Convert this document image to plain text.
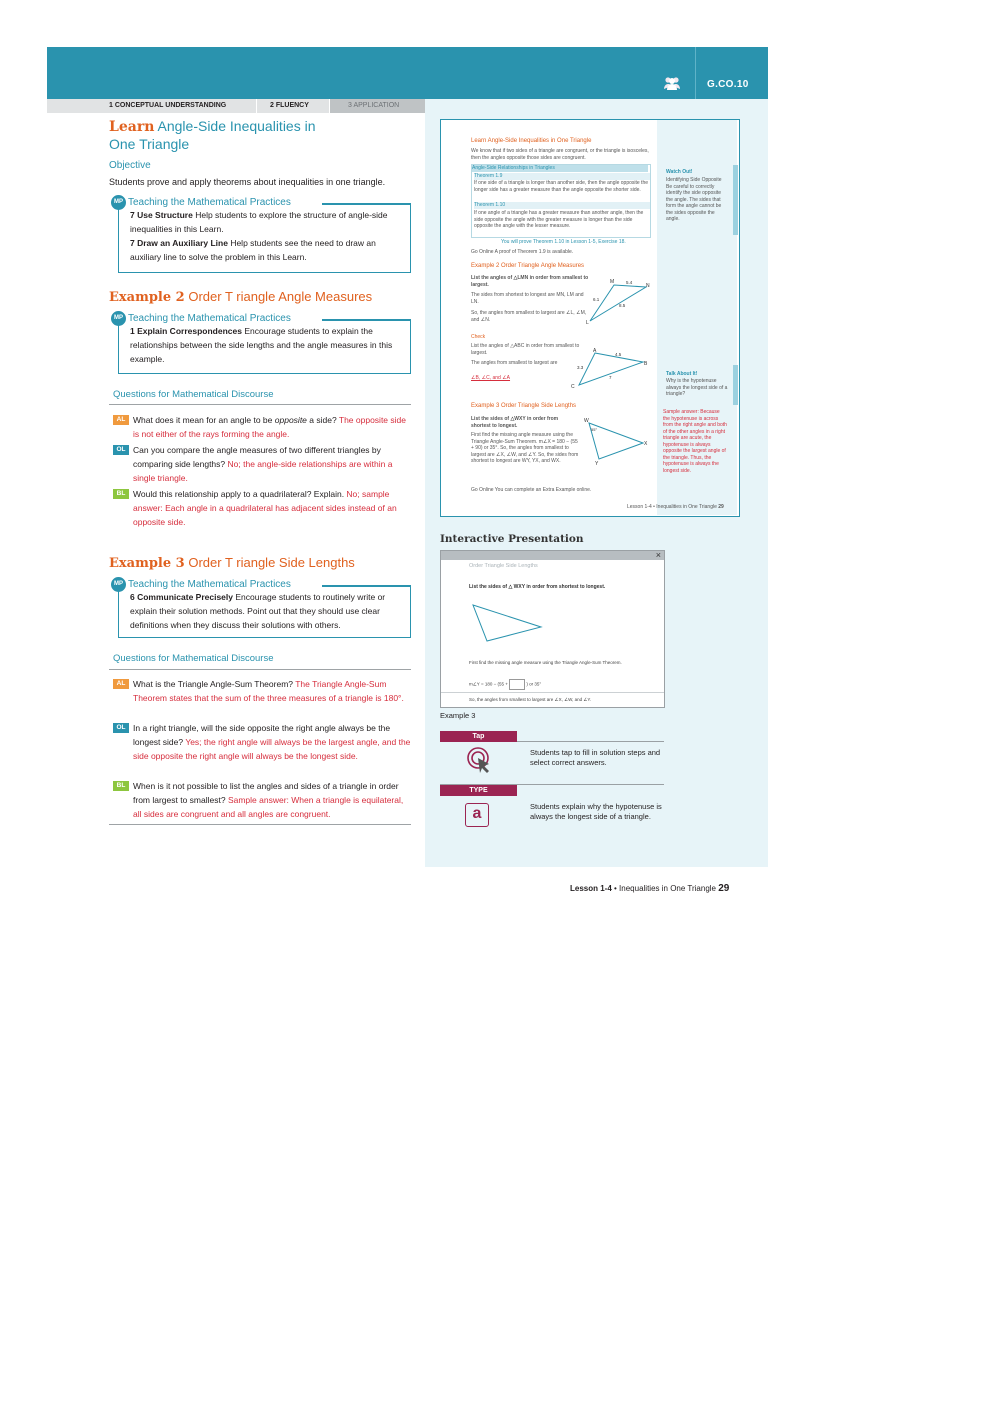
G.CO.10
1 CONCEPTUAL UNDERSTANDING	2 FLUENCY	3 APPLICATION
Learn Angle-Side Inequalities in
One Triangle
Objective
Students prove and apply theorems about inequalities in one triangle.
MP Teaching the Mathematical Practices
7 Use Structure Help students to explore the structure of angle-side inequalities in this Learn.
7 Draw an Auxiliary Line Help students see the need to draw an auxiliary line to solve the problem in this Learn.
Example 2 Order T riangle Angle Measures
MP Teaching the Mathematical Practices
1 Explain Correspondences Encourage students to explain the relationships between the side lengths and the angle measures in this example.
Questions for Mathematical Discourse
AL What does it mean for an angle to be opposite a side? The opposite side is not either of the rays forming the angle.
OL Can you compare the angle measures of two different triangles by comparing side lengths? No; the angle-side relationships are within a single triangle.
BL Would this relationship apply to a quadrilateral? Explain. No; sample answer: Each angle in a quadrilateral has adjacent sides instead of an opposite side.
Example 3 Order T riangle Side Lengths
MP Teaching the Mathematical Practices
6 Communicate Precisely Encourage students to routinely write or explain their solution methods. Point out that they should use clear definitions when they discuss their solutions with others.
Questions for Mathematical Discourse
AL What is the Triangle Angle-Sum Theorem? The Triangle Angle-Sum Theorem states that the sum of the three measures of a triangle is 180°.
OL In a right triangle, will the side opposite the right angle always be the longest side? Yes; the right angle will always be the largest angle, and the side opposite the right angle will always be the longest side.
BL When is it not possible to list the angles and sides of a triangle in order from largest to smallest? Sample answer: When a triangle is equilateral, all sides are congruent and all angles are congruent.
Learn Angle-Side Inequalities in One Triangle
We know that if two sides of a triangle are congruent, or the triangle is isosceles, then the angles opposite those sides are congruent.
Angle-Side Relationships in Triangles
Theorem 1.9
If one side of a triangle is longer than another side, then the angle opposite the longer side has a greater measure than the angle opposite the shorter side.
Theorem 1.10
If one angle of a triangle has a greater measure than another angle, then the side opposite the angle with the greater measure is longer than the side opposite the angle with the lesser measure.
You will prove Theorem 1.10 in Lesson 1-5, Exercise 18.
Go Online A proof of Theorem 1.9 is available.
Watch Out!
Identifying Side Opposite Be careful to correctly identify the side opposite the angle. The sides that form the angle cannot be the sides opposite the angle.
Example 2 Order Triangle Angle Measures
List the angles of △LMN in order from smallest to largest.
The sides from shortest to longest are MN, LM and LN.
So, the angles from smallest to largest are ∠L, ∠M, and ∠N.
M
N
L
5.4
6.1
8.5
Check
List the angles of △ABC in order from smallest to largest.
The angles from smallest to largest are
∠B, ∠C, and ∠A
A
B
C
4.5
3.3
7
Talk About It!
Why is the hypotenuse always the longest side of a triangle?
Sample answer: Because the hypotenuse is across from the right angle and both of the other angles in a right triangle are acute, the hypotenuse is always opposite the largest angle of the triangle. Thus, the hypotenuse is always the longest side.
Example 3 Order Triangle Side Lengths
List the sides of △WXY in order from shortest to longest.
First find the missing angle measure using the Triangle Angle-Sum Theorem. m∠X = 180 − (55 + 90) or 35°. So, the angles from smallest to largest are ∠X, ∠W, and ∠Y. So, the sides from shortest to longest are WY, YX, and WX.
W
X
Y
55°
Go Online You can complete an Extra Example online.
Lesson 1-4 • Inequalities in One Triangle 29
Interactive Presentation
×
Order Triangle Side Lengths
List the sides of △ WXY in order from shortest to longest.
First find the missing angle measure using the Triangle Angle-Sum Theorem.
m∠Y = 180 − (55 +	) or 35°
So, the angles from smallest to largest are ∠X, ∠W, and ∠Y.
Example 3
Tap
Students tap to fill in solution steps and select correct answers.
TYPE
a	Students explain why the hypotenuse is always the longest side of a triangle.
Lesson 1-4 • Inequalities in One Triangle 29
